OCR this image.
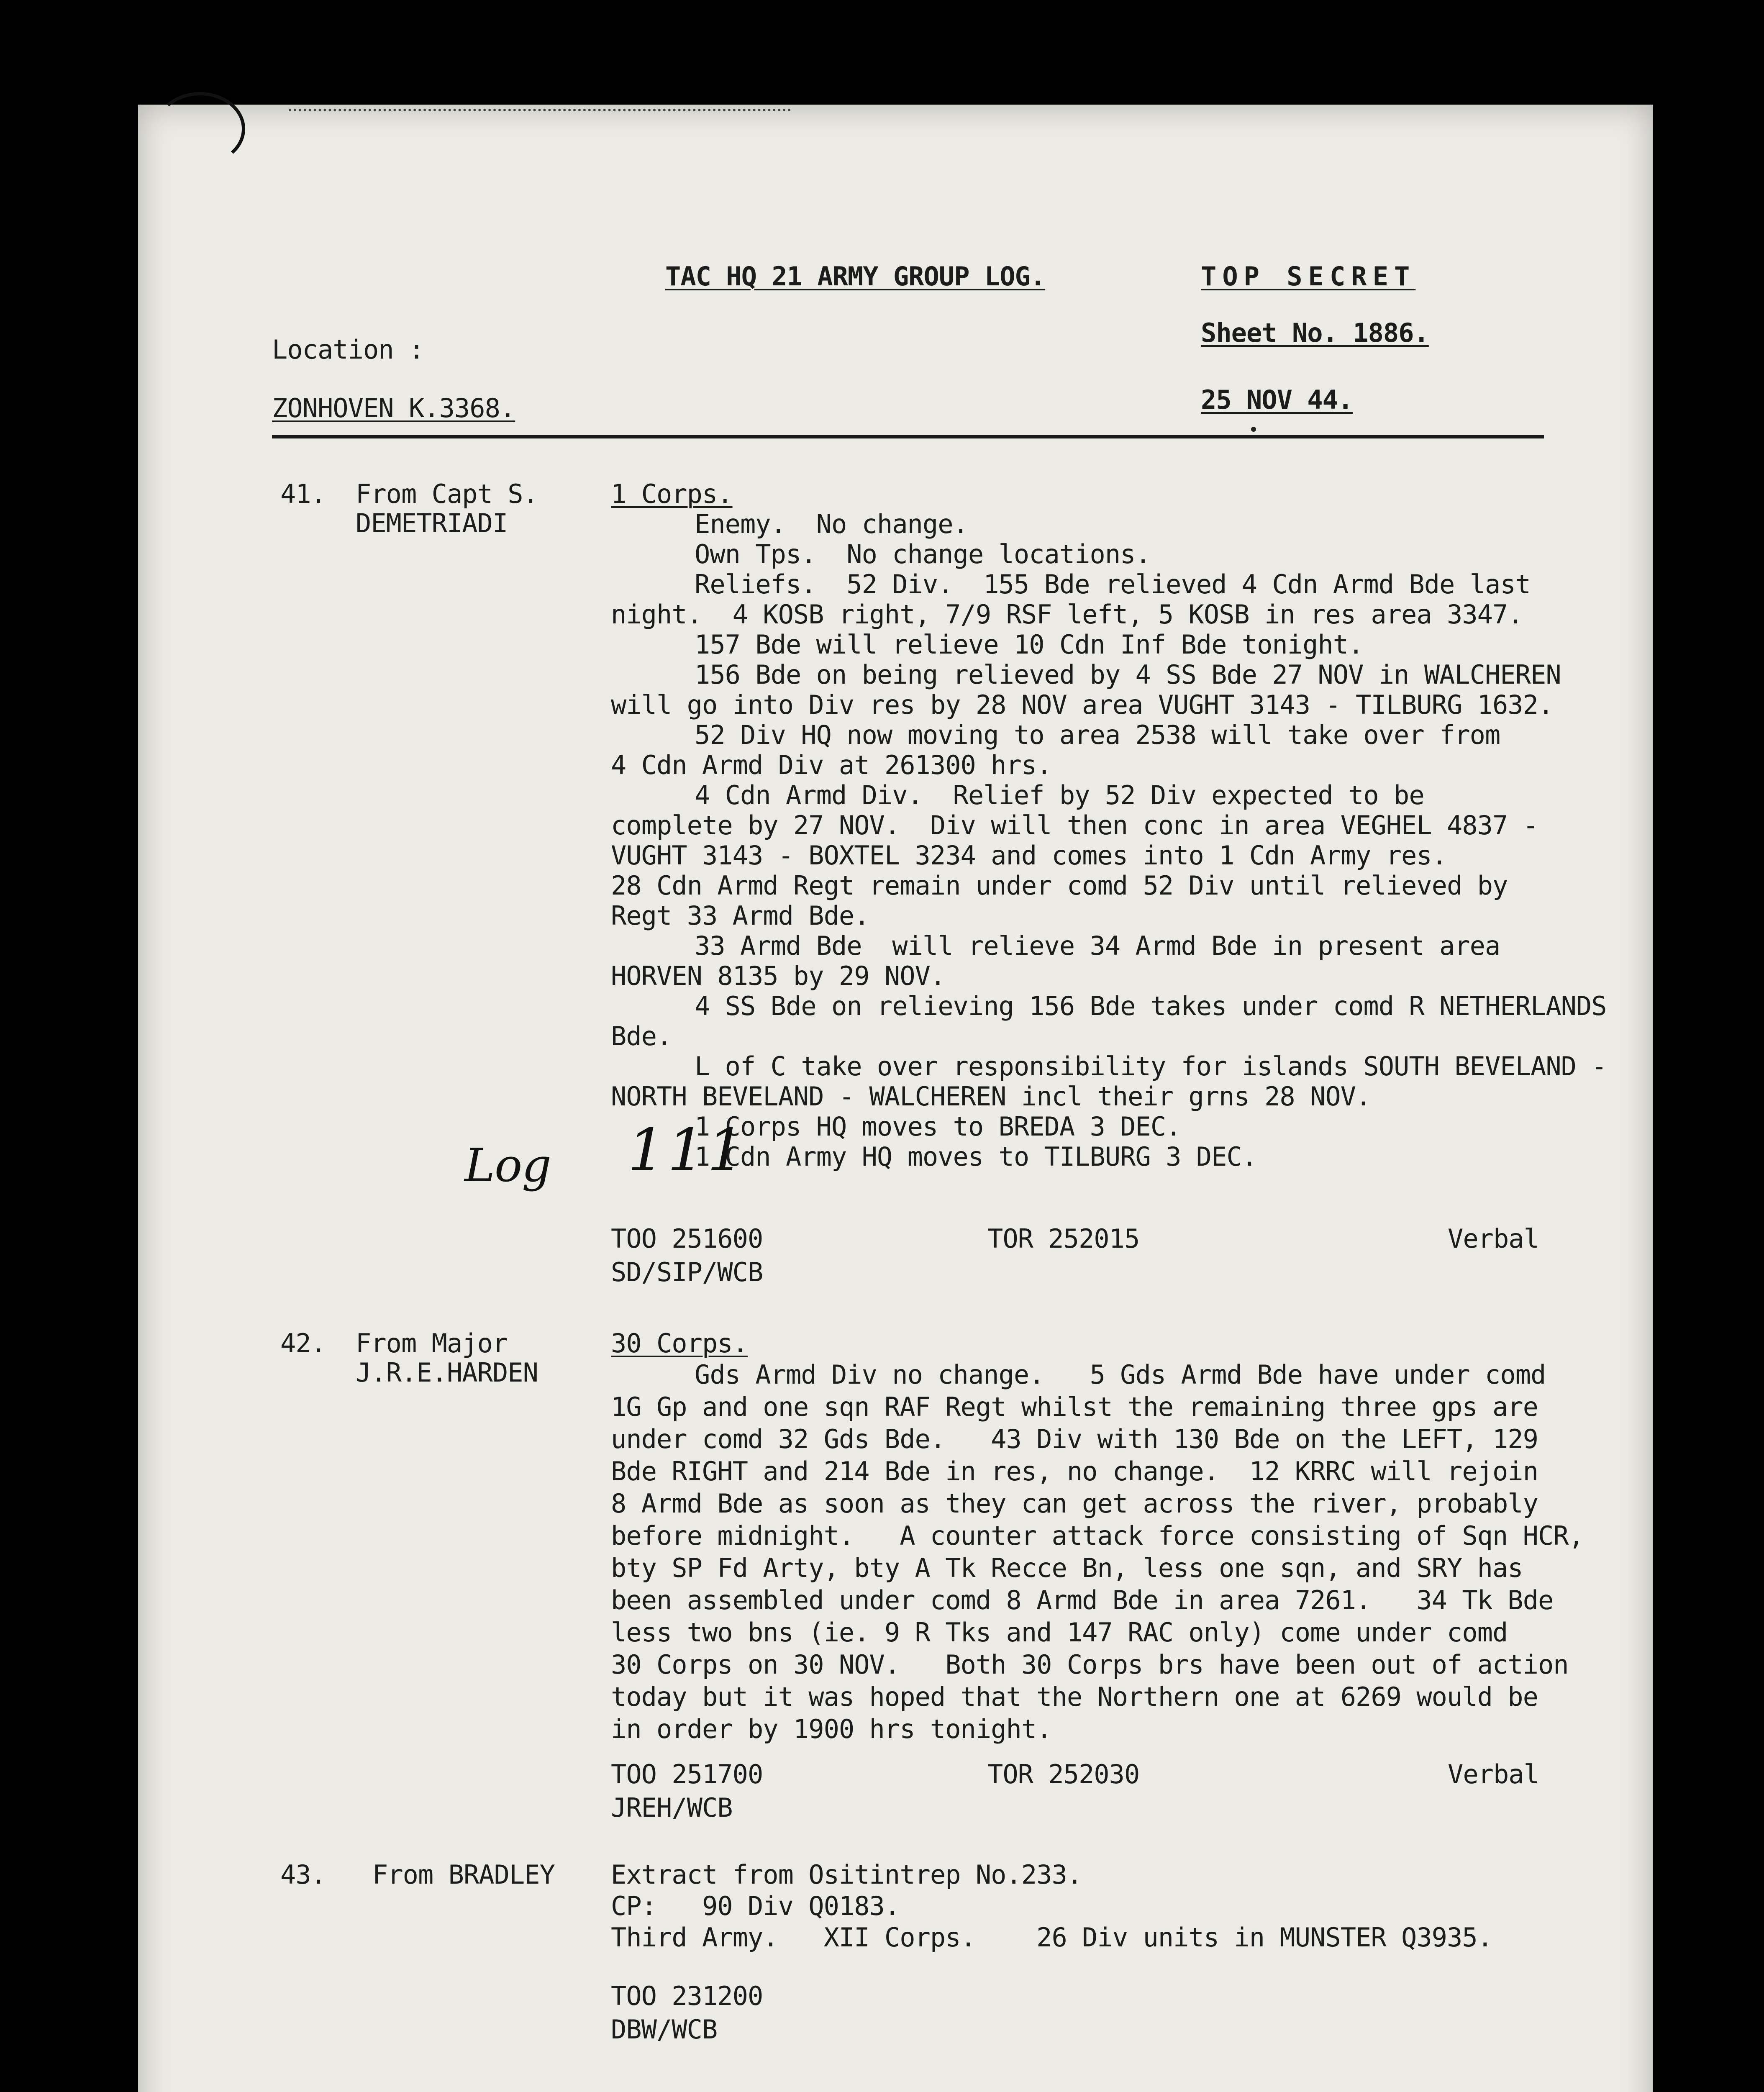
TAC HQ 21 ARMY GROUP LOG.	TOP SECRET
Location :
Sheet No. 1886.
ZONHOVEN K.3368.	25 NOV 44.
41. From Capt S.
DEMETRIADI
1 Corps.
Enemy.  No change.
Own Tps.  No change locations.
Reliefs.  52 Div.  155 Bde relieved 4 Cdn Armd Bde last
night.  4 KOSB right, 7/9 RSF left, 5 KOSB in res area 3347.
157 Bde will relieve 10 Cdn Inf Bde tonight.
156 Bde on being relieved by 4 SS Bde 27 NOV in WALCHEREN
will go into Div res by 28 NOV area VUGHT 3143 - TILBURG 1632.
52 Div HQ now moving to area 2538 will take over from
4 Cdn Armd Div at 261300 hrs.
4 Cdn Armd Div.  Relief by 52 Div expected to be
complete by 27 NOV.  Div will then conc in area VEGHEL 4837 -
VUGHT 3143 - BOXTEL 3234 and comes into 1 Cdn Army res.
28 Cdn Armd Regt remain under comd 52 Div until relieved by
Regt 33 Armd Bde.
33 Armd Bde  will relieve 34 Armd Bde in present area
HORVEN 8135 by 29 NOV.
4 SS Bde on relieving 156 Bde takes under comd R NETHERLANDS
Bde.
L of C take over responsibility for islands SOUTH BEVELAND -
NORTH BEVELAND - WALCHEREN incl their grns 28 NOV.
1 Corps HQ moves to BREDA 3 DEC.
1 Cdn Army HQ moves to TILBURG 3 DEC.
Log 111
TOO 251600	TOR 252015	Verbal
SD/SIP/WCB
42. From Major
J.R.E.HARDEN
30 Corps.
Gds Armd Div no change.   5 Gds Armd Bde have under comd
1G Gp and one sqn RAF Regt whilst the remaining three gps are
under comd 32 Gds Bde.   43 Div with 130 Bde on the LEFT, 129
Bde RIGHT and 214 Bde in res, no change.  12 KRRC will rejoin
8 Armd Bde as soon as they can get across the river, probably
before midnight.   A counter attack force consisting of Sqn HCR,
bty SP Fd Arty, bty A Tk Recce Bn, less one sqn, and SRY has
been assembled under comd 8 Armd Bde in area 7261.   34 Tk Bde
less two bns (ie. 9 R Tks and 147 RAC only) come under comd
30 Corps on 30 NOV.   Both 30 Corps brs have been out of action
today but it was hoped that the Northern one at 6269 would be
in order by 1900 hrs tonight.
TOO 251700	TOR 252030	Verbal
JREH/WCB
43. From BRADLEY Extract from Ositintrep No.233.
CP:   90 Div Q0183.
Third Army.   XII Corps.    26 Div units in MUNSTER Q3935.
TOO 231200
DBW/WCB
